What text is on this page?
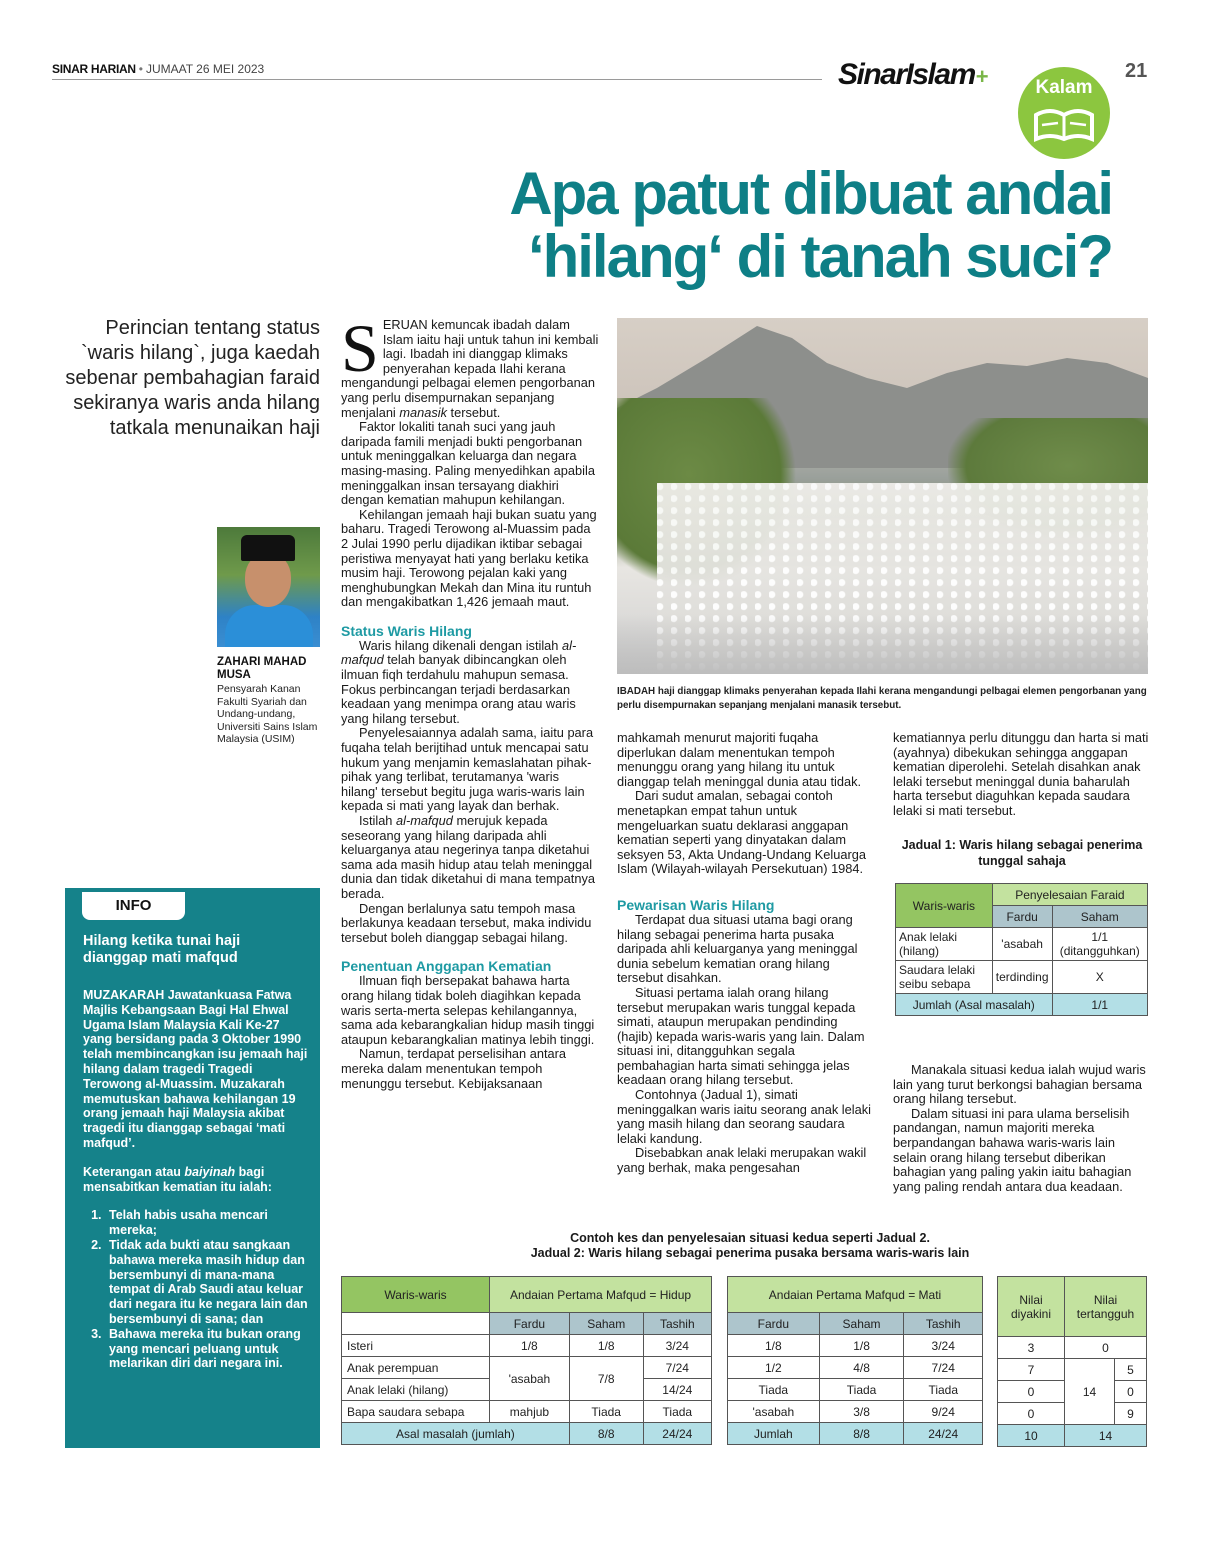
SINAR HARIAN • JUMAAT 26 MEI 2023	SinarIslam+	Kalam
21
Apa patut dibuat andai
‘hilang‘ di tanah suci?
Perincian tentang status `waris hilang`, juga kaedah sebenar pembahagian faraid sekiranya waris anda hilang tatkala menunaikan haji
ZAHARI MAHAD MUSA
Pensyarah Kanan Fakulti Syariah dan Undang-undang, Universiti Sains Islam Malaysia (USIM)
INFO
Hilang ketika tunai haji dianggap mati mafqud

MUZAKARAH Jawatankuasa Fatwa Majlis Kebangsaan Bagi Hal Ehwal Ugama Islam Malaysia Kali Ke-27 yang bersidang pada 3 Oktober 1990 telah membincangkan isu jemaah haji hilang dalam tragedi Tragedi Terowong al-Muassim. Muzakarah memutuskan bahawa kehilangan 19 orang jemaah haji Malaysia akibat tragedi itu dianggap sebagai ‘mati mafqud’.

Keterangan atau baiyinah bagi mensabitkan kematian itu ialah:

1. Telah habis usaha mencari mereka;
2. Tidak ada bukti atau sangkaan bahawa mereka masih hidup dan bersembunyi di mana-mana tempat di Arab Saudi atau keluar dari negara itu ke negara lain dan bersembunyi di sana; dan
3. Bahawa mereka itu bukan orang yang mencari peluang untuk melarikan diri dari negara ini.

SERUAN kemuncak ibadah dalam Islam iaitu haji untuk tahun ini kembali lagi. Ibadah ini dianggap klimaks penyerahan kepada Ilahi kerana mengandungi pelbagai elemen pengorbanan yang perlu disempurnakan sepanjang menjalani manasik tersebut.

Faktor lokaliti tanah suci yang jauh daripada famili menjadi bukti pengorbanan untuk meninggalkan keluarga dan negara masing-masing. Paling menyedihkan apabila meninggalkan insan tersayang diakhiri dengan kematian mahupun kehilangan.

Kehilangan jemaah haji bukan suatu yang baharu. Tragedi Terowong al-Muassim pada 2 Julai 1990 perlu dijadikan iktibar sebagai peristiwa menyayat hati yang berlaku ketika musim haji. Terowong pejalan kaki yang menghubungkan Mekah dan Mina itu runtuh dan mengakibatkan 1,426 jemaah maut.

Status Waris Hilang

Waris hilang dikenali dengan istilah al-mafqud telah banyak dibincangkan oleh ilmuan fiqh terdahulu mahupun semasa. Fokus perbincangan terjadi berdasarkan keadaan yang menimpa orang atau waris yang hilang tersebut.

Penyelesaiannya adalah sama, iaitu para fuqaha telah berijtihad untuk mencapai satu hukum yang menjamin kemaslahatan pihak-pihak yang terlibat, terutamanya 'waris hilang' tersebut begitu juga waris-waris lain kepada si mati yang layak dan berhak.

Istilah al-mafqud merujuk kepada seseorang yang hilang daripada ahli keluarganya atau negerinya tanpa diketahui sama ada masih hidup atau telah meninggal dunia dan tidak diketahui di mana tempatnya berada.

Dengan berlalunya satu tempoh masa berlakunya keadaan tersebut, maka individu tersebut boleh dianggap sebagai hilang.

Penentuan Anggapan Kematian

Ilmuan fiqh bersepakat bahawa harta orang hilang tidak boleh diagihkan kepada waris serta-merta selepas kehilangannya, sama ada kebarangkalian hidup masih tinggi ataupun kebarangkalian matinya lebih tinggi.

Namun, terdapat perselisihan antara mereka dalam menentukan tempoh menunggu tersebut. Kebijaksanaan

IBADAH haji dianggap klimaks penyerahan kepada Ilahi kerana mengandungi pelbagai elemen pengorbanan yang perlu disempurnakan sepanjang menjalani manasik tersebut.

mahkamah menurut majoriti fuqaha diperlukan dalam menentukan tempoh menunggu orang yang hilang itu untuk dianggap telah meninggal dunia atau tidak.

Dari sudut amalan, sebagai contoh menetapkan empat tahun untuk mengeluarkan suatu deklarasi anggapan kematian seperti yang dinyatakan dalam seksyen 53, Akta Undang-Undang Keluarga Islam (Wilayah-wilayah Persekutuan) 1984.

Pewarisan Waris Hilang

Terdapat dua situasi utama bagi orang hilang sebagai penerima harta pusaka daripada ahli keluarganya yang meninggal dunia sebelum kematian orang hilang tersebut disahkan.

Situasi pertama ialah orang hilang tersebut merupakan waris tunggal kepada simati, ataupun merupakan pendinding (hajib) kepada waris-waris yang lain. Dalam situasi ini, ditangguhkan segala pembahagian harta simati sehingga jelas keadaan orang hilang tersebut.

Contohnya (Jadual 1), simati meninggalkan waris iaitu seorang anak lelaki yang masih hilang dan seorang saudara lelaki kandung.

Disebabkan anak lelaki merupakan wakil yang berhak, maka pengesahan

kematiannya perlu ditunggu dan harta si mati (ayahnya) dibekukan sehingga anggapan kematian diperolehi. Setelah disahkan anak lelaki tersebut meninggal dunia baharulah harta tersebut diaguhkan kepada saudara lelaki si mati tersebut.

Jadual 1: Waris hilang sebagai penerima tunggal sahaja
Waris-waris	Penyelesaian Faraid	
	Fardu	Saham
Anak lelaki (hilang)	'asabah	1/1 (ditangguhkan)
Saudara lelaki seibu sebapa	terdinding	X
Jumlah (Asal masalah)		1/1

Manakala situasi kedua ialah wujud waris lain yang turut berkongsi bahagian bersama orang hilang tersebut.

Dalam situasi ini para ulama berselisih pandangan, namun majoriti mereka berpandangan bahawa waris-waris lain selain orang hilang tersebut diberikan bahagian yang paling yakin iaitu bahagian yang paling rendah antara dua keadaan.

Contoh kes dan penyelesaian situasi kedua seperti Jadual 2.
Jadual 2: Waris hilang sebagai penerima pusaka bersama waris-waris lain
Waris-waris	Andaian Pertama Mafqud = Hidup		
	Fardu	Saham	Tashih
Isteri	1/8	1/8	3/24
Anak perempuan	'asabah	7/8	7/24
Anak lelaki (hilang)			14/24
Bapa saudara sebapa	mahjub	Tiada	Tiada
Asal masalah (jumlah)		8/8	24/24
Andaian Pertama Mafqud = Mati		
Fardu	Saham	Tashih
1/8	1/8	3/24
1/2	4/8	7/24
Tiada	Tiada	Tiada
'asabah	3/8	9/24
Jumlah	8/8	24/24
Nilai diyakini	Nilai tertangguh	

3	0	
7	14	5
0		0
0		9
10	14	
